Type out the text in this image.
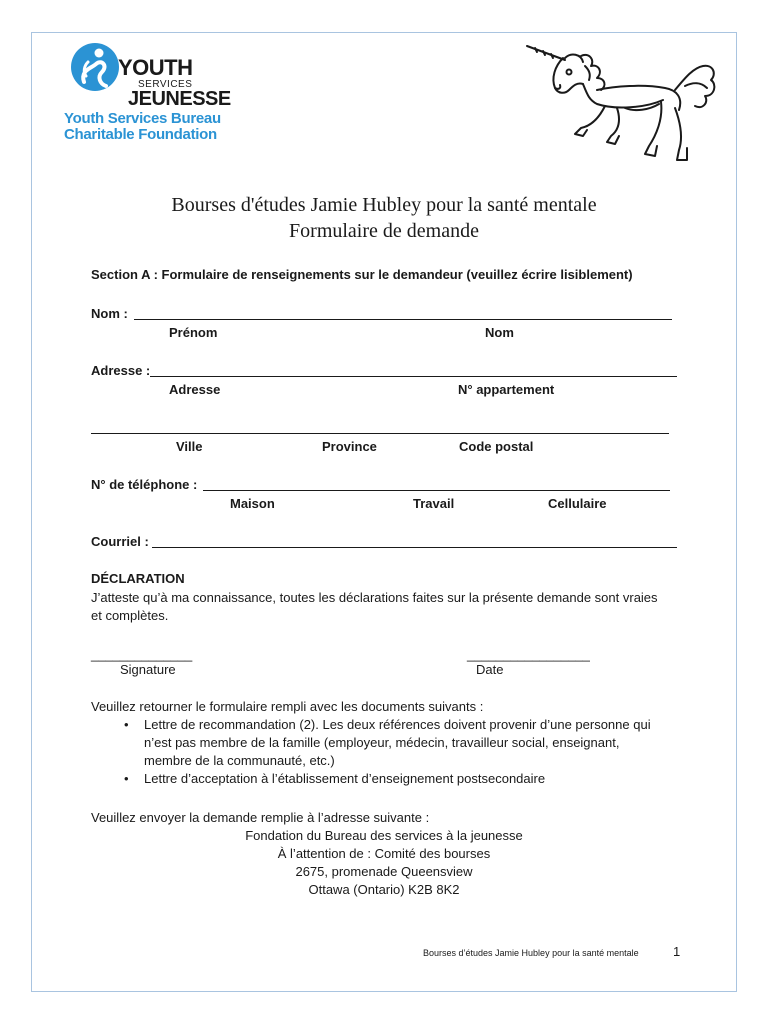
YOUTH
SERVICES
JEUNESSE
Youth Services Bureau
Charitable Foundation
Bourses d'études Jamie Hubley pour la santé mentale
Formulaire de demande
Section A : Formulaire de renseignements sur le demandeur (veuillez écrire lisiblement)
Nom :
Prénom	Nom
Adresse :
Adresse	N° appartement
Ville	Province	Code postal
N° de téléphone :
Maison	Travail	Cellulaire
Courriel :
DÉCLARATION
J’atteste qu’à ma connaissance, toutes les déclarations faites sur la présente demande sont vraies
et complètes.
______________
Signature
_________________
Date
Veuillez retourner le formulaire rempli avec les documents suivants :
• Lettre de recommandation (2). Les deux références doivent provenir d’une personne qui
n’est pas membre de la famille (employeur, médecin, travailleur social, enseignant,
membre de la communauté, etc.)
• Lettre d’acceptation à l’établissement d’enseignement postsecondaire
Veuillez envoyer la demande remplie à l’adresse suivante :
Fondation du Bureau des services à la jeunesse
À l’attention de : Comité des bourses
2675, promenade Queensview
Ottawa (Ontario) K2B 8K2
Bourses d’études Jamie Hubley pour la santé mentale	1
